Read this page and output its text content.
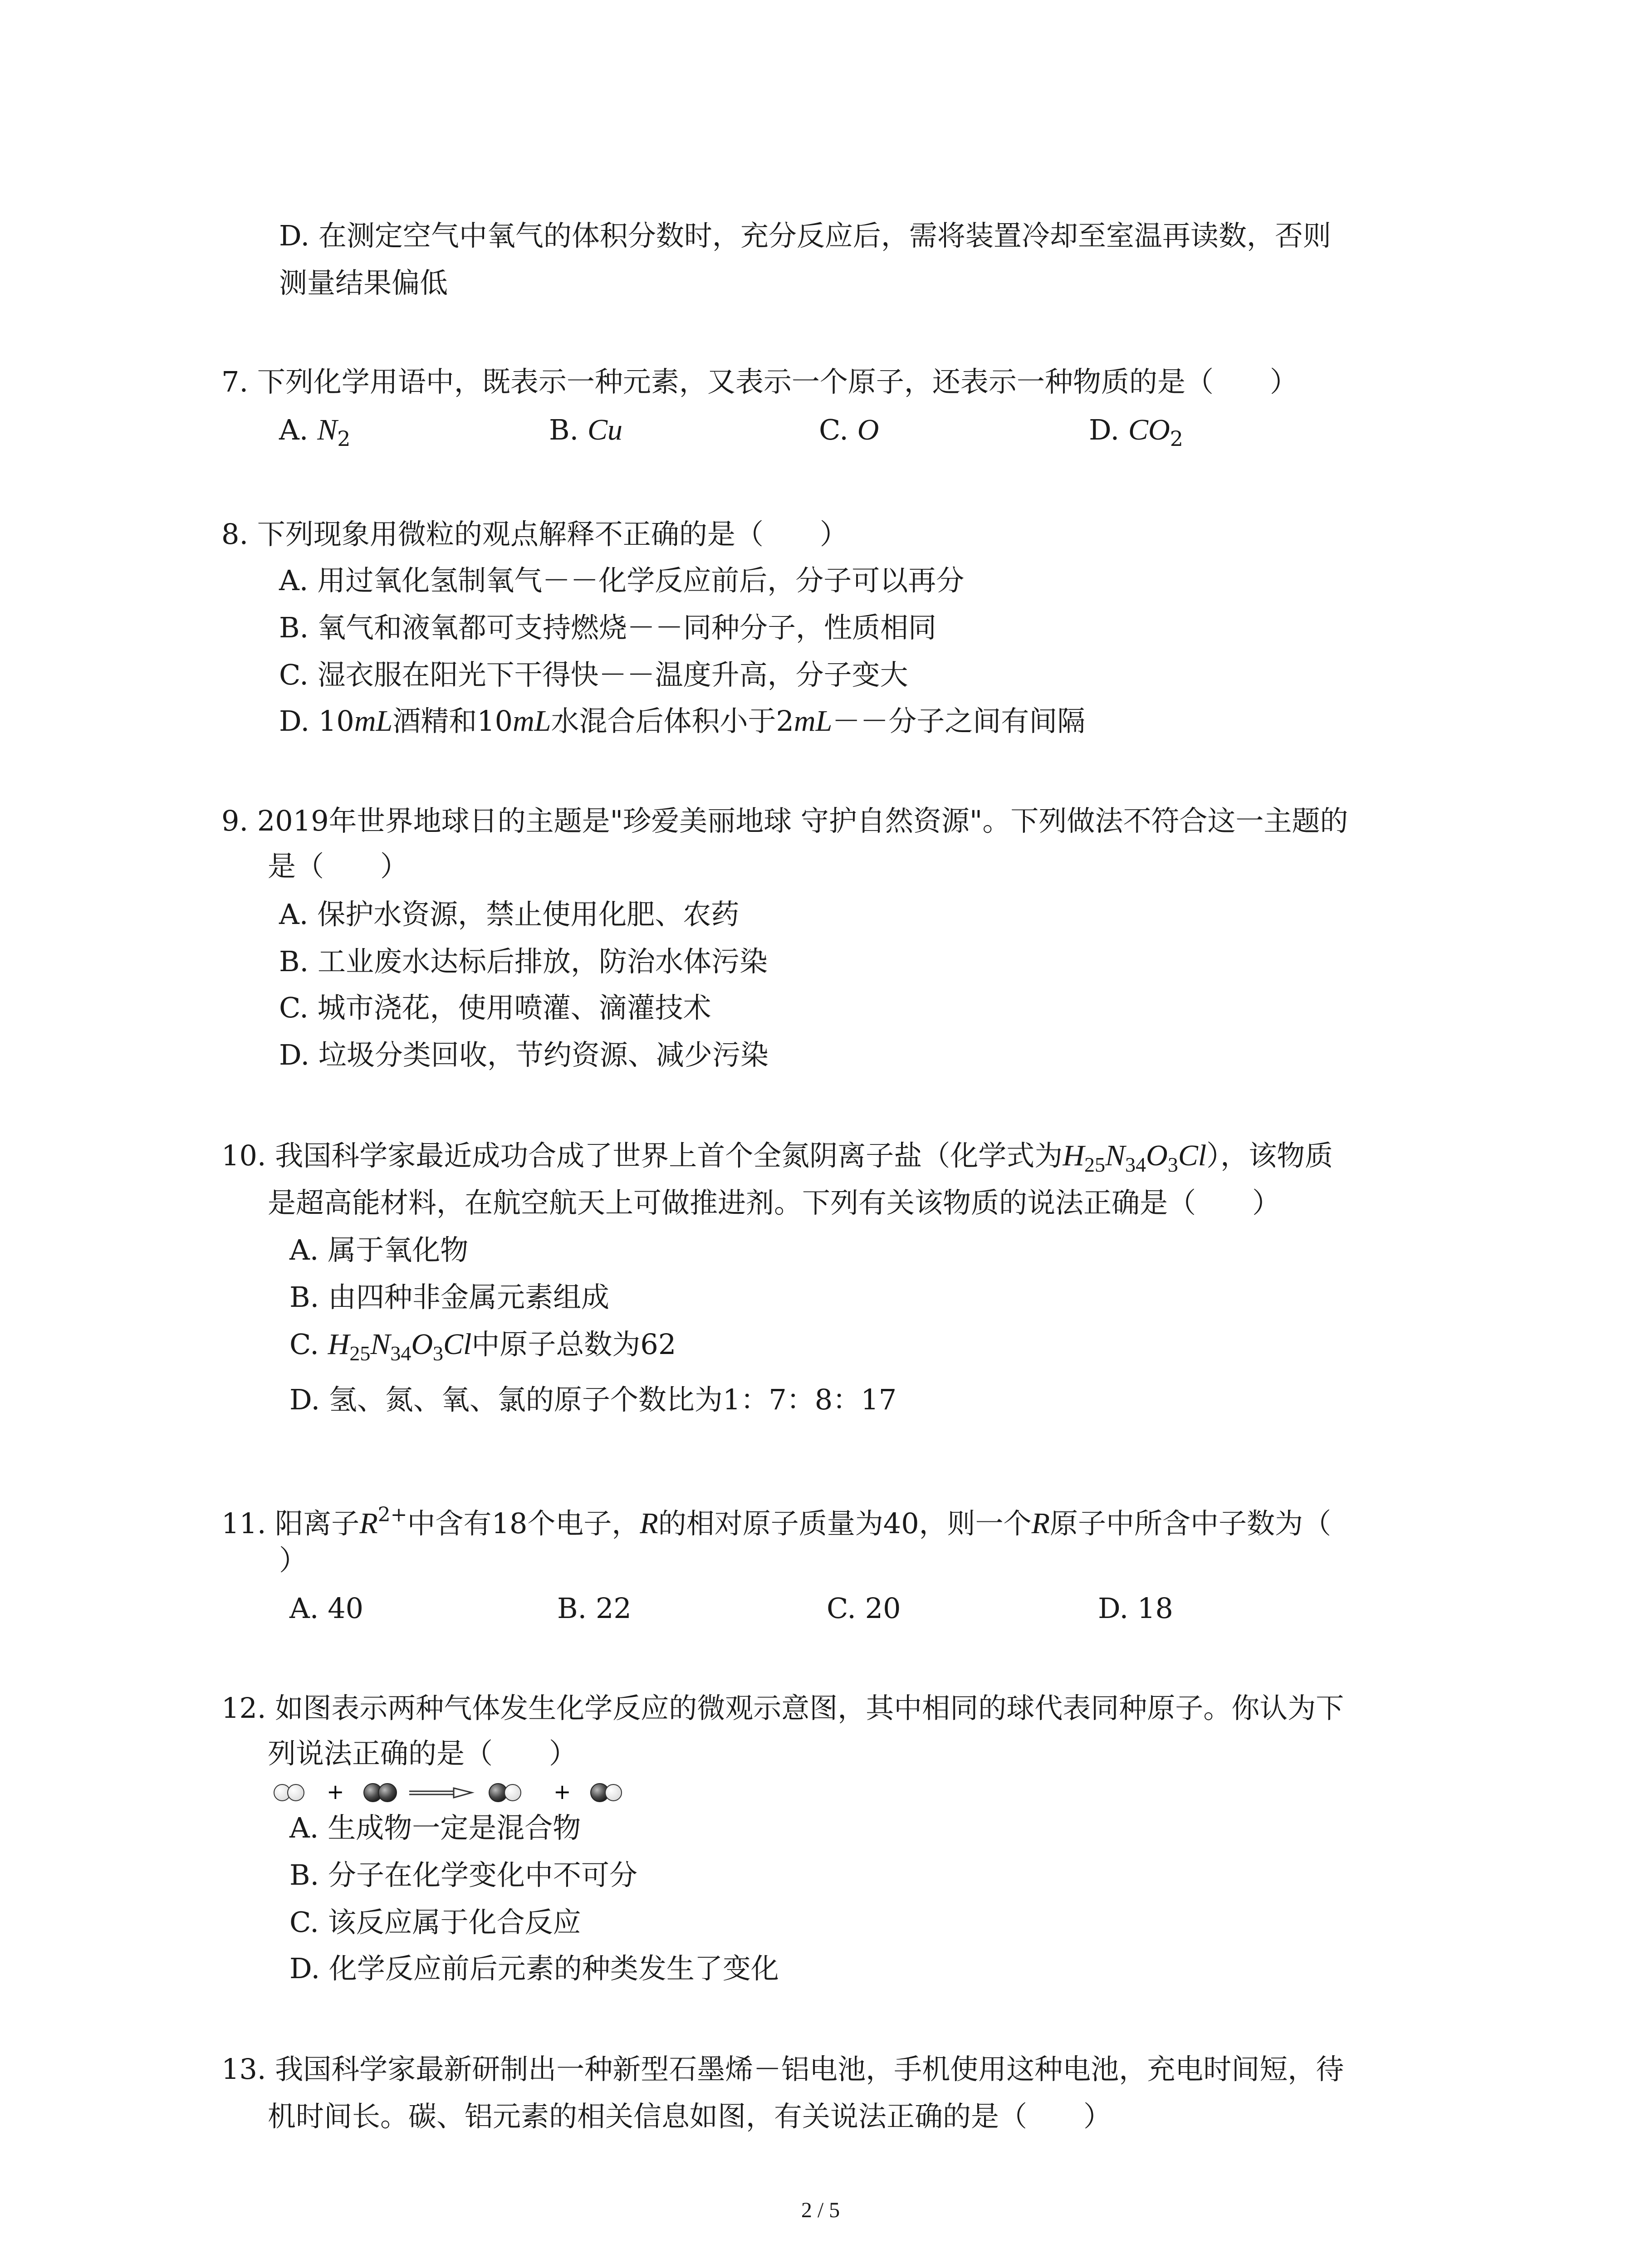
D. 在测定空气中氧气的体积分数时，充分反应后，需将装置冷却至室温再读数，否则
测量结果偏低
7. 下列化学用语中，既表示一种元素，又表示一个原子，还表示一种物质的是（　　）
A. $N_2$	B. Cu	C. O	D. $CO_2$
8. 下列现象用微粒的观点解释不正确的是（　　）
A. 用过氧化氢制氧气－－化学反应前后，分子可以再分
B. 氧气和液氧都可支持燃烧－－同种分子，性质相同
C. 湿衣服在阳光下干得快－－温度升高，分子变大
D. 10mL酒精和10mL水混合后体积小于2mL－－分子之间有间隔
9. 2019年世界地球日的主题是"珍爱美丽地球 守护自然资源"。下列做法不符合这一主题的
是（　　）
A. 保护水资源，禁止使用化肥、农药
B. 工业废水达标后排放，防治水体污染
C. 城市浇花，使用喷灌、滴灌技术
D. 垃圾分类回收，节约资源、减少污染
10. 我国科学家最近成功合成了世界上首个全氮阴离子盐（化学式为$H_{25}N_{34}O_3Cl$），该物质
是超高能材料，在航空航天上可做推进剂。下列有关该物质的说法正确是（　　）
A. 属于氧化物
B. 由四种非金属元素组成
C. $H_{25}N_{34}O_3Cl$中原子总数为62
D. 氢、氮、氧、氯的原子个数比为1：7：8：17
11. 阳离子$R^{2+}$中含有18个电子，R的相对原子质量为40，则一个R原子中所含中子数为（
）
A. 40	B. 22	C. 20	D. 18
12. 如图表示两种气体发生化学反应的微观示意图，其中相同的球代表同种原子。你认为下
列说法正确的是（　　）
+	+
A. 生成物一定是混合物
B. 分子在化学变化中不可分
C. 该反应属于化合反应
D. 化学反应前后元素的种类发生了变化
13. 我国科学家最新研制出一种新型石墨烯－铝电池，手机使用这种电池，充电时间短，待
机时间长。碳、铝元素的相关信息如图，有关说法正确的是（　　）
2 / 5
